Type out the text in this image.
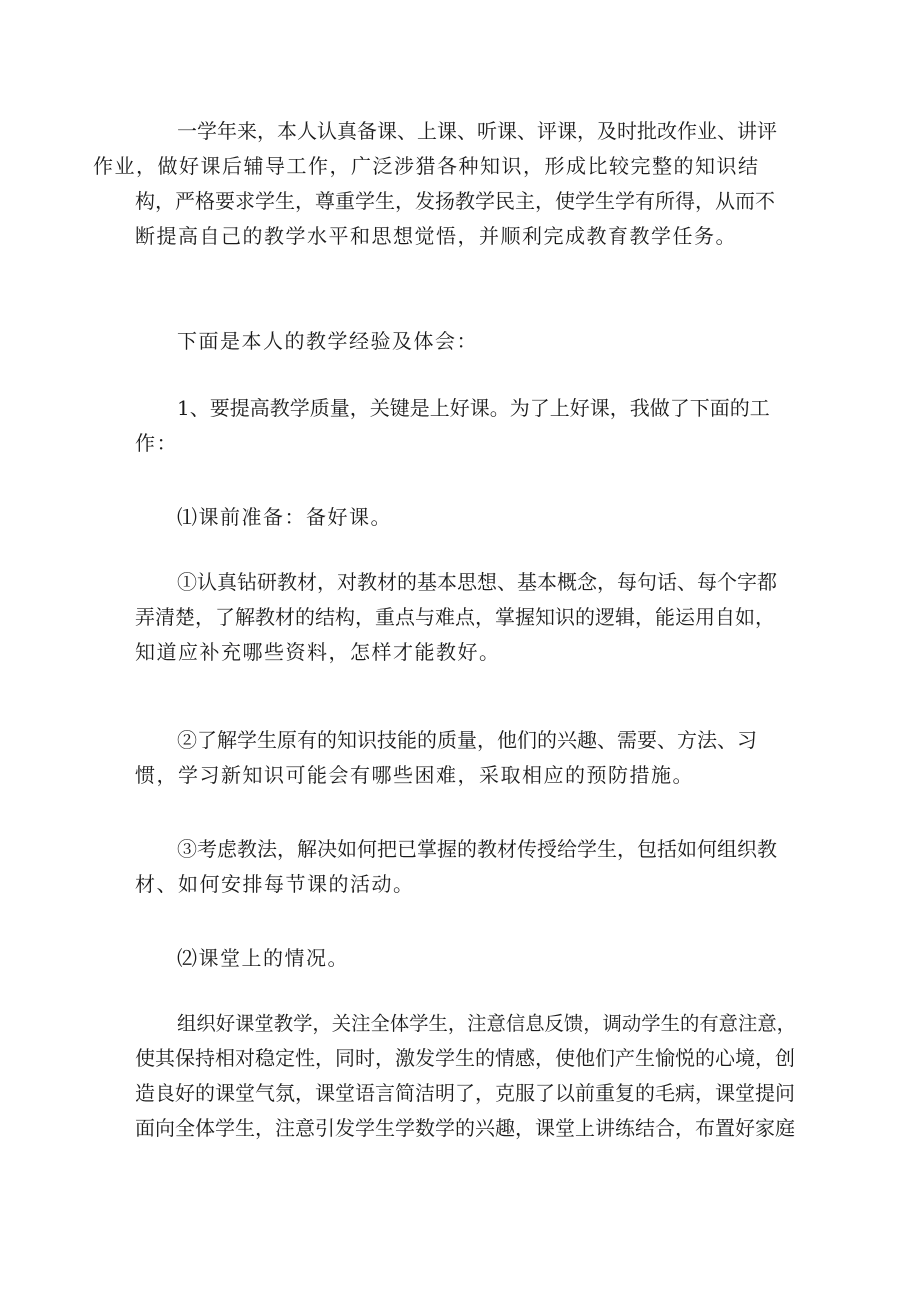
一学年来，本人认真备课、上课、听课、评课，及时批改作业、讲评
作业，做好课后辅导工作，广泛涉猎各种知识，形成比较完整的知识结
构，严格要求学生，尊重学生，发扬教学民主，使学生学有所得，从而不
断提高自己的教学水平和思想觉悟，并顺利完成教育教学任务。
下面是本人的教学经验及体会：
1、要提高教学质量，关键是上好课。为了上好课，我做了下面的工
作：
⑴课前准备：备好课。
①认真钻研教材，对教材的基本思想、基本概念，每句话、每个字都
弄清楚，了解教材的结构，重点与难点，掌握知识的逻辑，能运用自如，
知道应补充哪些资料，怎样才能教好。
②了解学生原有的知识技能的质量，他们的兴趣、需要、方法、习
惯，学习新知识可能会有哪些困难，采取相应的预防措施。
③考虑教法，解决如何把已掌握的教材传授给学生，包括如何组织教
材、如何安排每节课的活动。
⑵课堂上的情况。
组织好课堂教学，关注全体学生，注意信息反馈，调动学生的有意注意，
使其保持相对稳定性，同时，激发学生的情感，使他们产生愉悦的心境，创
造良好的课堂气氛，课堂语言简洁明了，克服了以前重复的毛病，课堂提问
面向全体学生，注意引发学生学数学的兴趣，课堂上讲练结合，布置好家庭
